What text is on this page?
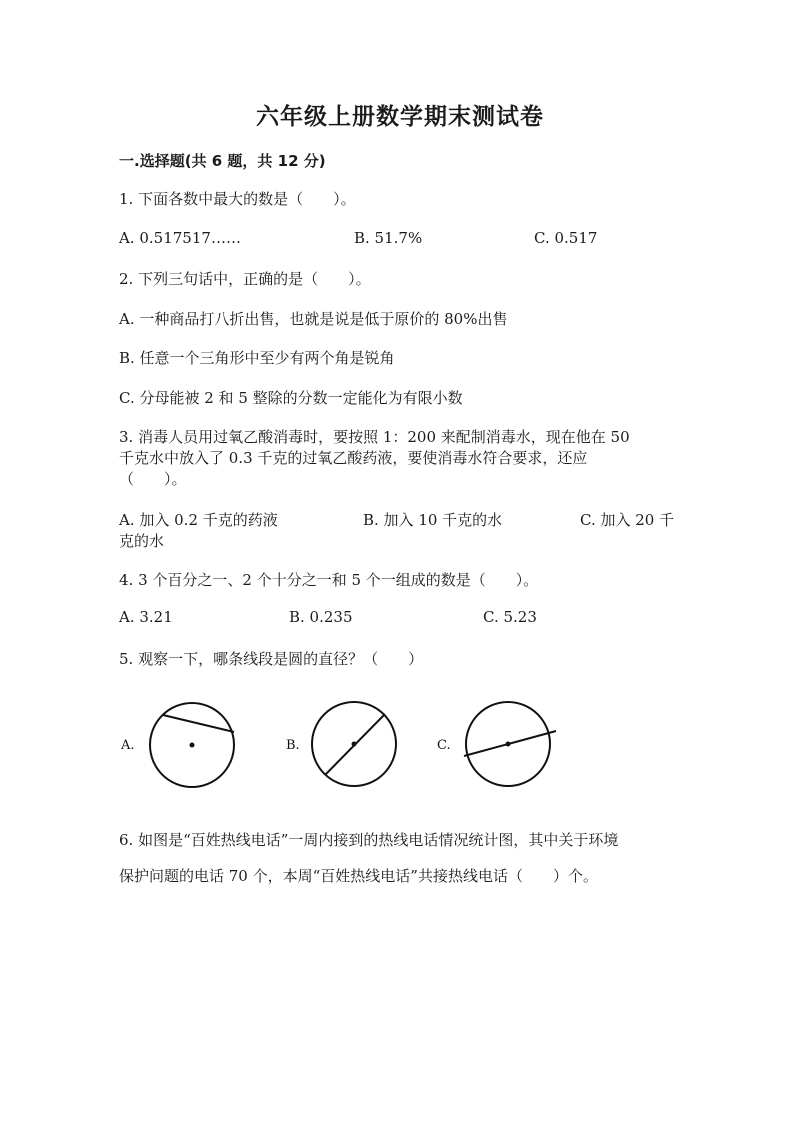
六年级上册数学期末测试卷
一.选择题(共 6 题，共 12 分)
1. 下面各数中最大的数是（　　）。
A. 0.517517……	B. 51.7%	C. 0.517
2. 下列三句话中，正确的是（　　）。
A. 一种商品打八折出售，也就是说是低于原价的 80%出售
B. 任意一个三角形中至少有两个角是锐角
C. 分母能被 2 和 5 整除的分数一定能化为有限小数
3. 消毒人员用过氧乙酸消毒时，要按照 1：200 来配制消毒水，现在他在 50
千克水中放入了 0.3 千克的过氧乙酸药液，要使消毒水符合要求，还应
（　　）。
A. 加入 0.2 千克的药液	B. 加入 10 千克的水	C. 加入 20 千
克的水
4. 3 个百分之一、2 个十分之一和 5 个一组成的数是（　　）。
A. 3.21	B. 0.235	C. 5.23
5. 观察一下，哪条线段是圆的直径？（　　）
A.	B.	C.
6. 如图是“百姓热线电话”一周内接到的热线电话情况统计图，其中关于环境
保护问题的电话 70 个，本周“百姓热线电话”共接热线电话（　　）个。
